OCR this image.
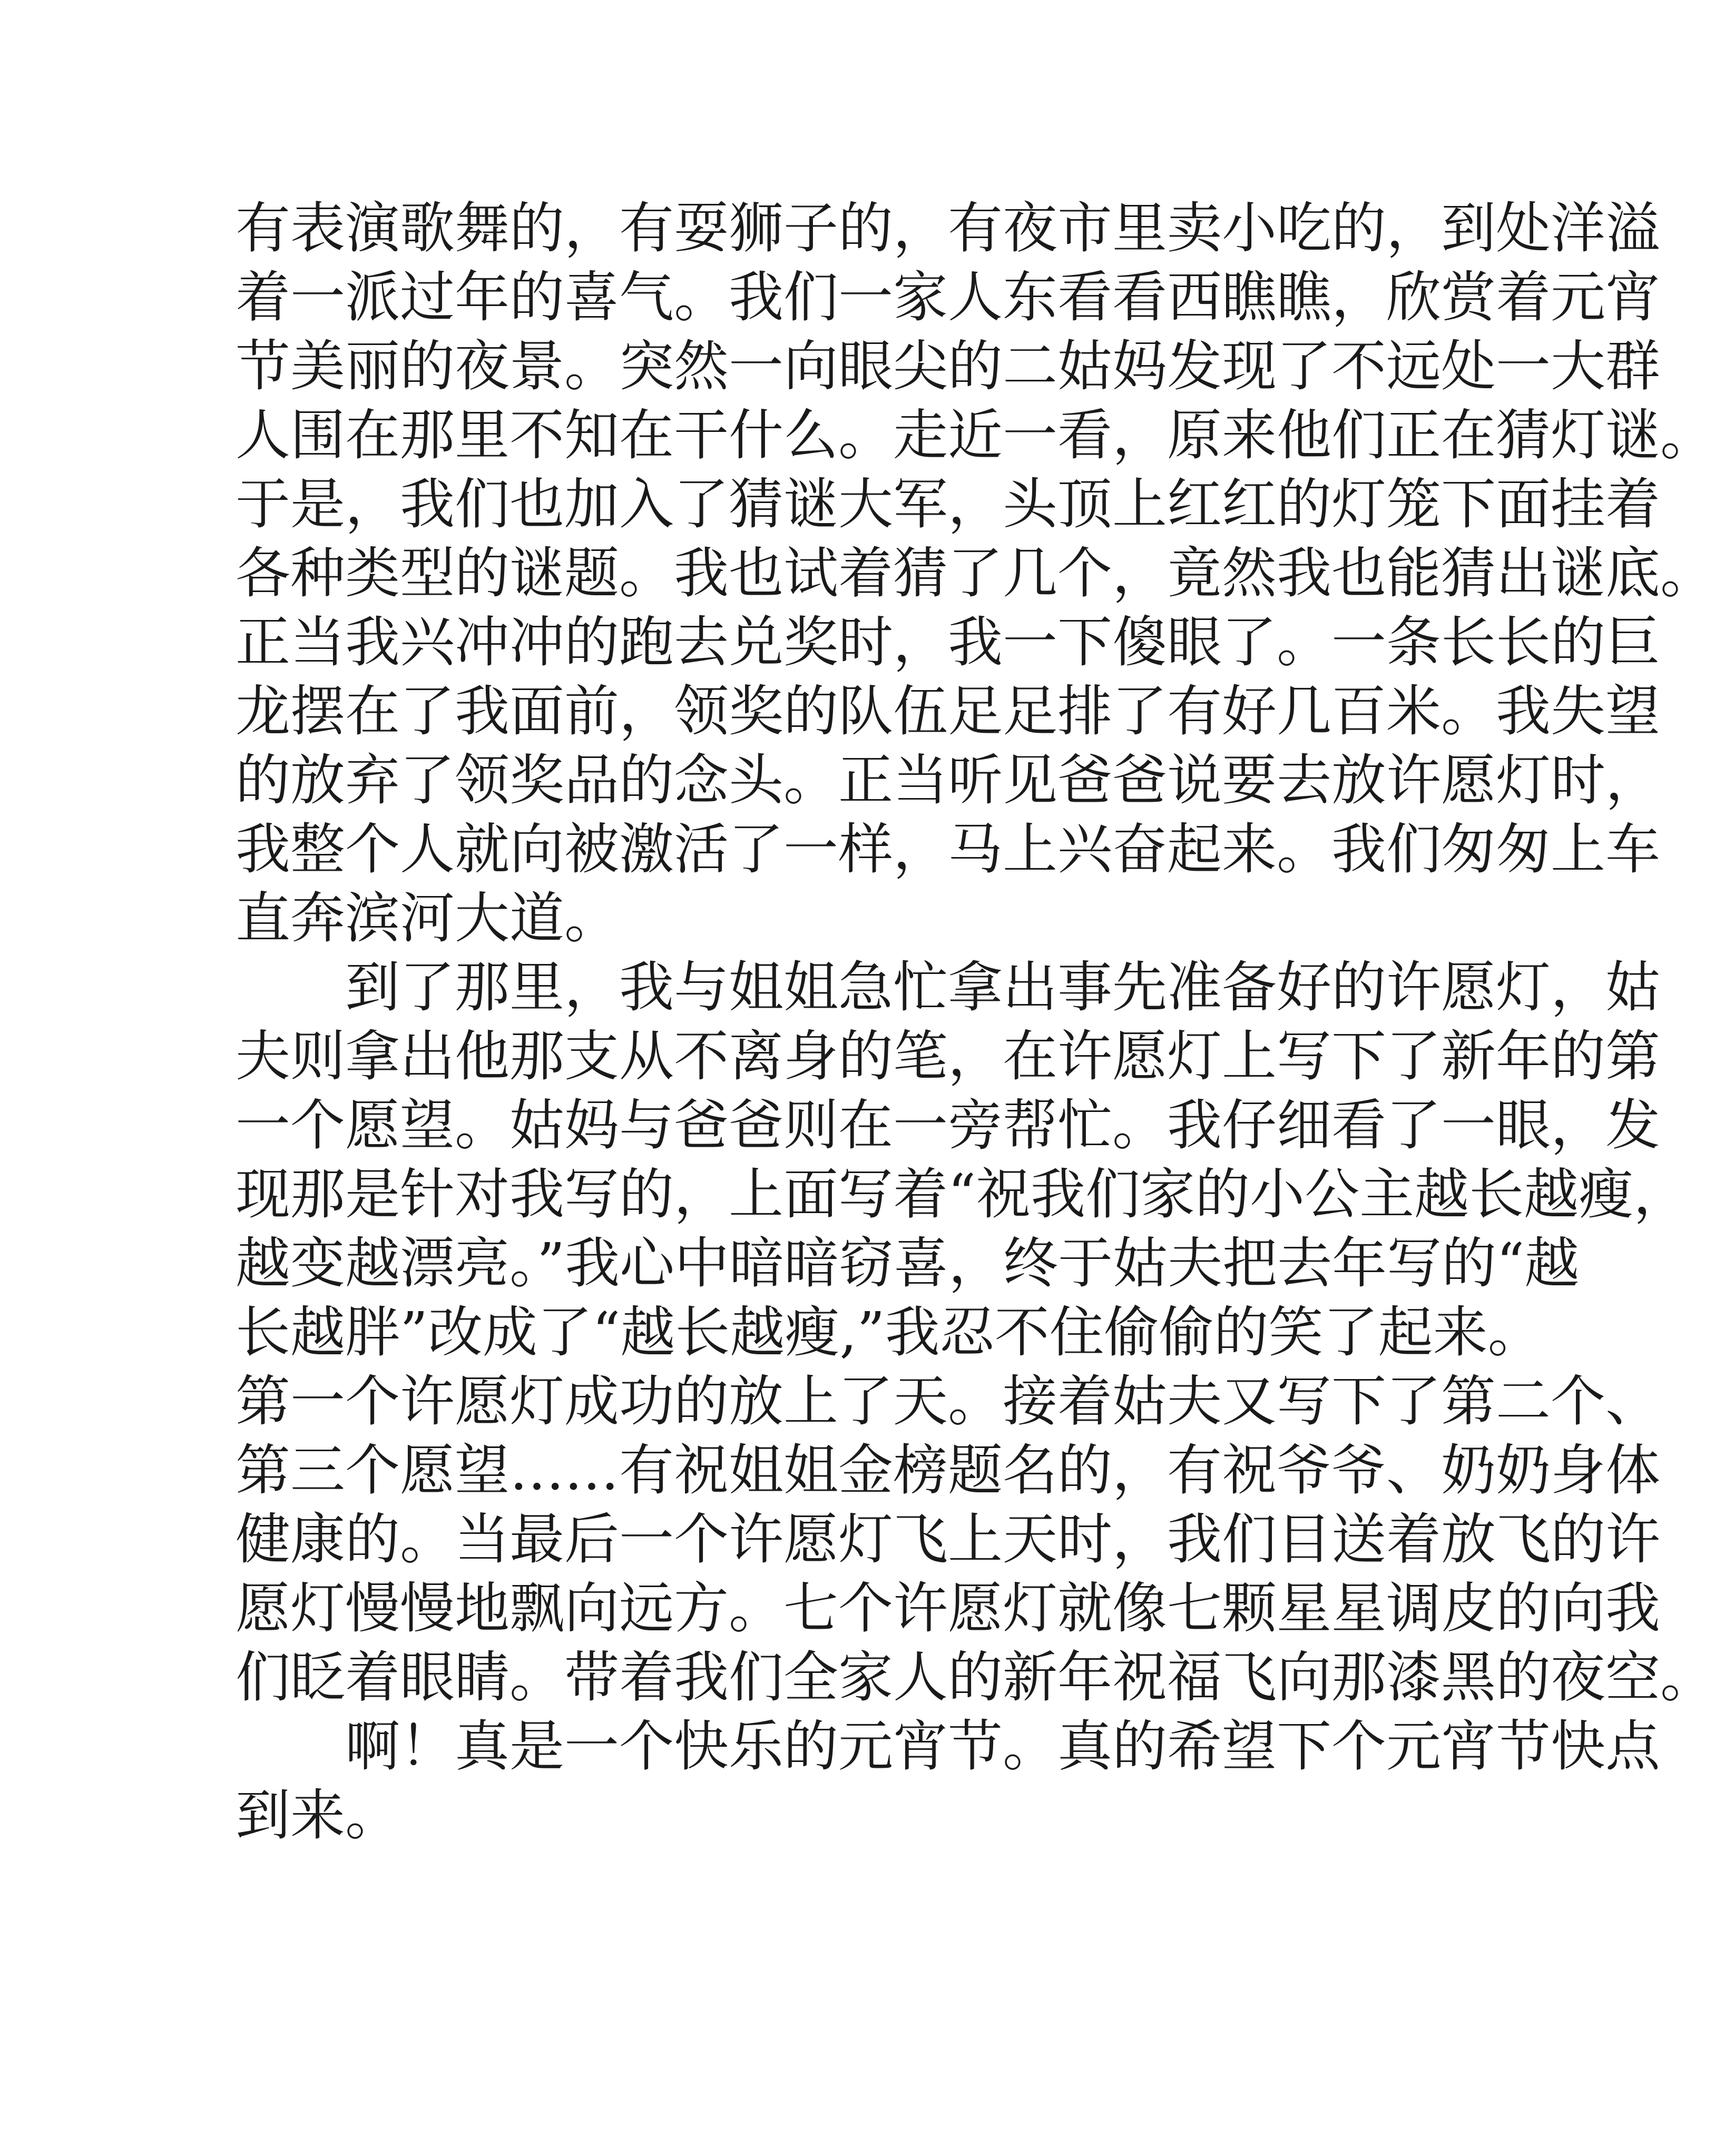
有表演歌舞的，有耍狮子的，有夜市里卖小吃的，到处洋溢
着一派过年的喜气。我们一家人东看看西瞧瞧，欣赏着元宵
节美丽的夜景。突然一向眼尖的二姑妈发现了不远处一大群
人围在那里不知在干什么。走近一看，原来他们正在猜灯谜。
于是，我们也加入了猜谜大军，头顶上红红的灯笼下面挂着
各种类型的谜题。我也试着猜了几个，竟然我也能猜出谜底。
正当我兴冲冲的跑去兑奖时，我一下傻眼了。一条长长的巨
龙摆在了我面前，领奖的队伍足足排了有好几百米。我失望
的放弃了领奖品的念头。正当听见爸爸说要去放许愿灯时，
我整个人就向被激活了一样，马上兴奋起来。我们匆匆上车
直奔滨河大道。
到了那里，我与姐姐急忙拿出事先准备好的许愿灯，姑
夫则拿出他那支从不离身的笔，在许愿灯上写下了新年的第
一个愿望。姑妈与爸爸则在一旁帮忙。我仔细看了一眼，发
现那是针对我写的，上面写着“祝我们家的小公主越长越瘦，
越变越漂亮。”我心中暗暗窃喜，终于姑夫把去年写的“越
长越胖”改成了“越长越瘦,”我忍不住偷偷的笑了起来。
第一个许愿灯成功的放上了天。接着姑夫又写下了第二个、
第三个愿望……有祝姐姐金榜题名的，有祝爷爷、奶奶身体
健康的。当最后一个许愿灯飞上天时，我们目送着放飞的许
愿灯慢慢地飘向远方。七个许愿灯就像七颗星星调皮的向我
们眨着眼睛。带着我们全家人的新年祝福飞向那漆黑的夜空。
啊！真是一个快乐的元宵节。真的希望下个元宵节快点
到来。
